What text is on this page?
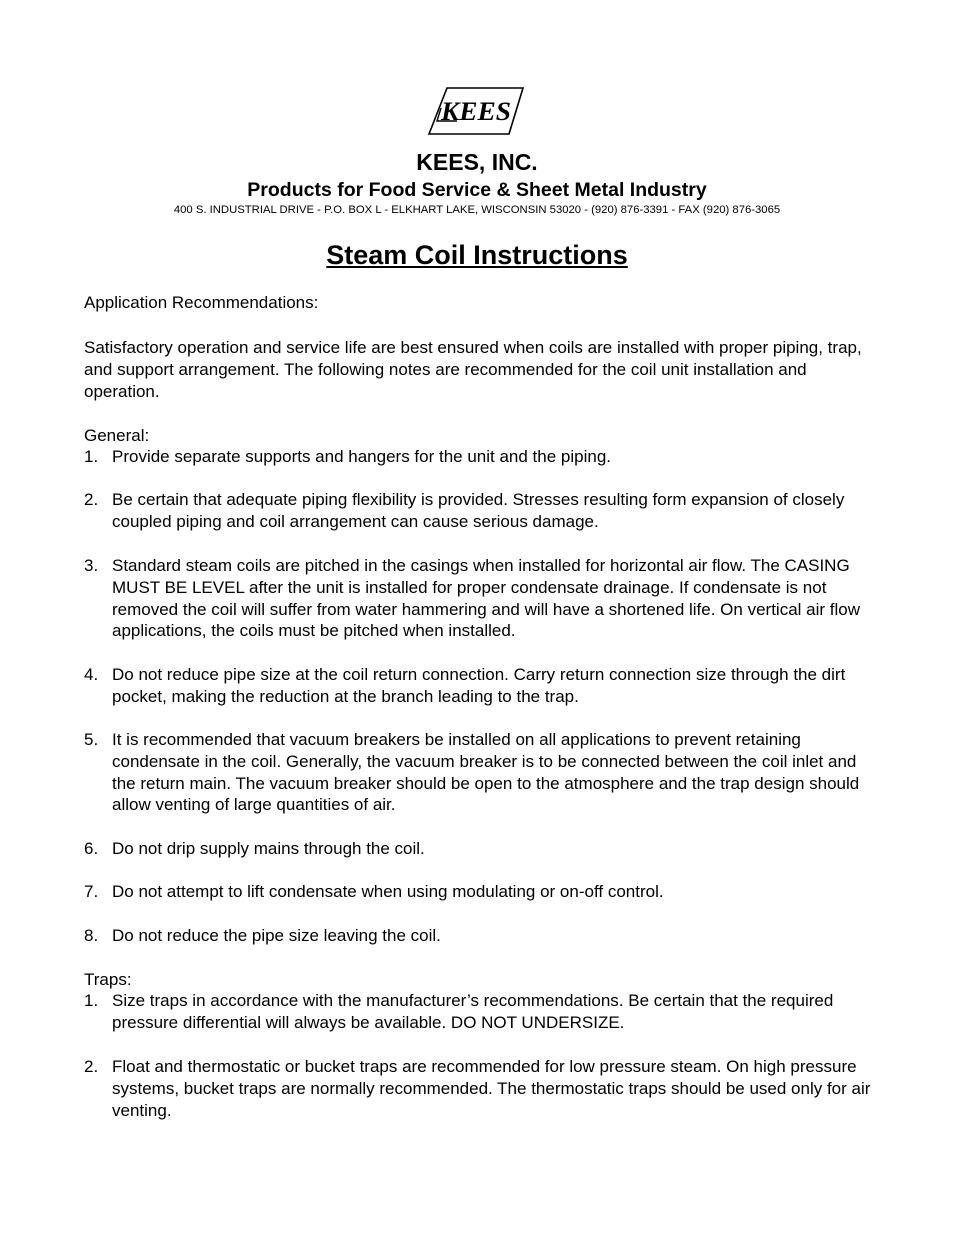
KEES
KEES, INC.
Products for Food Service & Sheet Metal Industry
400 S. INDUSTRIAL DRIVE - P.O. BOX L - ELKHART LAKE, WISCONSIN 53020 - (920) 876-3391 - FAX (920) 876-3065
Steam Coil Instructions
Application Recommendations:
Satisfactory operation and service life are best ensured when coils are installed with proper piping, trap, and support arrangement. The following notes are recommended for the coil unit installation and operation.
General:
1. Provide separate supports and hangers for the unit and the piping.
2. Be certain that adequate piping flexibility is provided. Stresses resulting form expansion of closely coupled piping and coil arrangement can cause serious damage.
3. Standard steam coils are pitched in the casings when installed for horizontal air flow. The CASING MUST BE LEVEL after the unit is installed for proper condensate drainage. If condensate is not removed the coil will suffer from water hammering and will have a shortened life. On vertical air flow applications, the coils must be pitched when installed.
4. Do not reduce pipe size at the coil return connection. Carry return connection size through the dirt pocket, making the reduction at the branch leading to the trap.
5. It is recommended that vacuum breakers be installed on all applications to prevent retaining condensate in the coil. Generally, the vacuum breaker is to be connected between the coil inlet and the return main. The vacuum breaker should be open to the atmosphere and the trap design should allow venting of large quantities of air.
6. Do not drip supply mains through the coil.
7. Do not attempt to lift condensate when using modulating or on-off control.
8. Do not reduce the pipe size leaving the coil.
Traps:
1. Size traps in accordance with the manufacturer’s recommendations. Be certain that the required pressure differential will always be available. DO NOT UNDERSIZE.
2. Float and thermostatic or bucket traps are recommended for low pressure steam. On high pressure systems, bucket traps are normally recommended. The thermostatic traps should be used only for air venting.
